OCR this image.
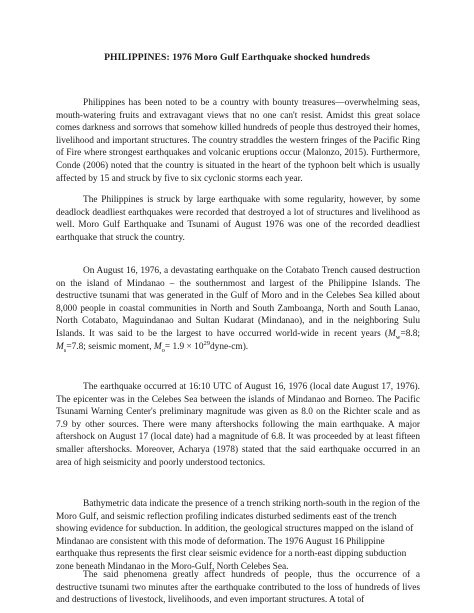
PHILIPPINES: 1976 Moro Gulf Earthquake shocked hundreds

Philippines has been noted to be a country with bounty treasures—overwhelming seas, mouth-watering fruits and extravagant views that no one can't resist. Amidst this great solace comes darkness and sorrows that somehow killed hundreds of people thus destroyed their homes, livelihood and important structures. The country straddles the western fringes of the Pacific Ring of Fire where strongest earthquakes and volcanic eruptions occur (Malonzo, 2015). Furthermore, Conde (2006) noted that the country is situated in the heart of the typhoon belt which is usually affected by 15 and struck by five to six cyclonic storms each year.

The Philippines is struck by large earthquake with some regularity, however, by some deadlock deadliest earthquakes were recorded that destroyed a lot of structures and livelihood as well. Moro Gulf Earthquake and Tsunami of August 1976 was one of the recorded deadliest earthquake that struck the country.

On August 16, 1976, a devastating earthquake on the Cotabato Trench caused destruction on the island of Mindanao – the southernmost and largest of the Philippine Islands. The destructive tsunami that was generated in the Gulf of Moro and in the Celebes Sea killed about 8,000 people in coastal communities in North and South Zamboanga, North and South Lanao, North Cotabato, Maguindanao and Sultan Kudarat (Mindanao), and in the neighboring Sulu Islands. It was said to be the largest to have occurred world-wide in recent years ($M_w=8.8$; $M_s=7.8$; seismic moment, $M_o= 1.9$ × $10^{29}dyne-cm$).

The earthquake occurred at 16:10 UTC of August 16, 1976 (local date August 17, 1976). The epicenter was in the Celebes Sea between the islands of Mindanao and Borneo. The Pacific Tsunami Warning Center's preliminary magnitude was given as 8.0 on the Richter scale and as 7.9 by other sources. There were many aftershocks following the main earthquake. A major aftershock on August 17 (local date) had a magnitude of 6.8. It was proceeded by at least fifteen smaller aftershocks. Moreover, Acharya (1978) stated that the said earthquake occurred in an area of high seismicity and poorly understood tectonics.

Bathymetric data indicate the presence of a trench striking north-south in the region of the Moro Gulf, and seismic reflection profiling indicates disturbed sediments east of the trench showing evidence for subduction. In addition, the geological structures mapped on the island of Mindanao are consistent with this mode of deformation. The 1976 August 16 Philippine earthquake thus represents the first clear seismic evidence for a north-east dipping subduction zone beneath Mindanao in the Moro-Gulf, North Celebes Sea.

The said phenomena greatly affect hundreds of people, thus the occurrence of a destructive tsunami two minutes after the earthquake contributed to the loss of hundreds of lives and destructions of livestock, livelihoods, and even important structures. A total of
